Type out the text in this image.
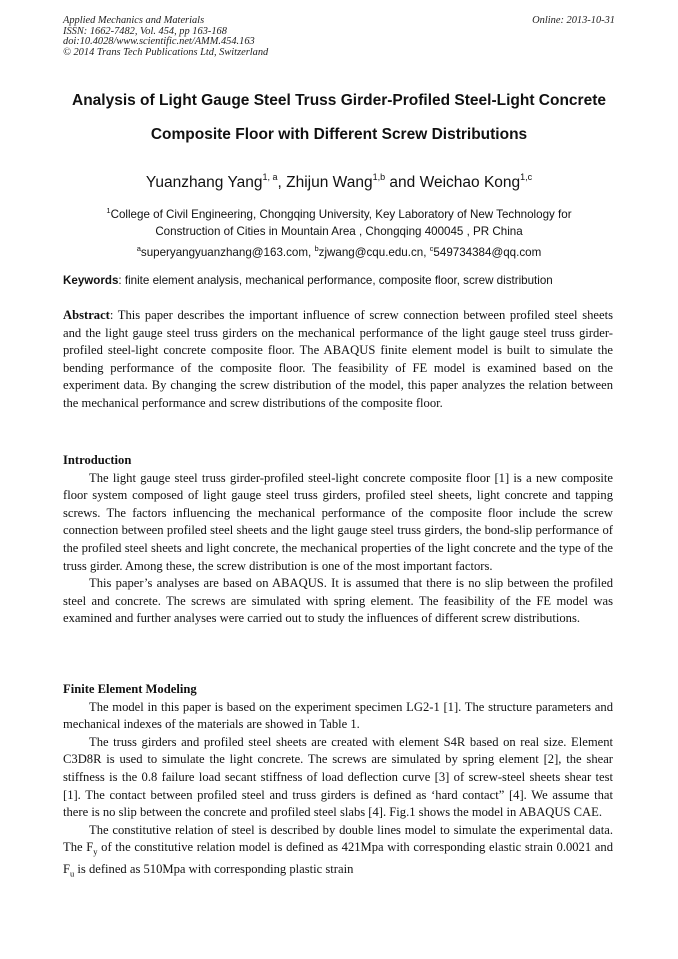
Applied Mechanics and Materials	Online: 2013-10-31
ISSN: 1662-7482, Vol. 454, pp 163-168
doi:10.4028/www.scientific.net/AMM.454.163
© 2014 Trans Tech Publications Ltd, Switzerland
Analysis of Light Gauge Steel Truss Girder-Profiled Steel-Light Concrete
Composite Floor with Different Screw Distributions
Yuanzhang Yang$^{1, a}$, Zhijun Wang$^{1,b}$ and Weichao Kong$^{1,c}$
$^1$College of Civil Engineering, Chongqing University, Key Laboratory of New Technology for
Construction of Cities in Mountain Area , Chongqing 400045 , PR China
$^a$superyangyuanzhang@163.com, $^b$zjwang@cqu.edu.cn, $^c$549734384@qq.com
Keywords: finite element analysis, mechanical performance, composite floor, screw distribution

Abstract: This paper describes the important influence of screw connection between profiled steel sheets and the light gauge steel truss girders on the mechanical performance of the light gauge steel truss girder-profiled steel-light concrete composite floor. The ABAQUS finite element model is built to simulate the bending performance of the composite floor. The feasibility of FE model is examined based on the experiment data. By changing the screw distribution of the model, this paper analyzes the relation between the mechanical performance and screw distributions of the composite floor.

Introduction

The light gauge steel truss girder-profiled steel-light concrete composite floor [1] is a new composite floor system composed of light gauge steel truss girders, profiled steel sheets, light concrete and tapping screws. The factors influencing the mechanical performance of the composite floor include the screw connection between profiled steel sheets and the light gauge steel truss girders, the bond-slip performance of the profiled steel sheets and light concrete, the mechanical properties of the light concrete and the type of the truss girder. Among these, the screw distribution is one of the most important factors.

This paper’s analyses are based on ABAQUS. It is assumed that there is no slip between the profiled steel and concrete. The screws are simulated with spring element. The feasibility of the FE model was examined and further analyses were carried out to study the influences of different screw distributions.

Finite Element Modeling

The model in this paper is based on the experiment specimen LG2-1 [1]. The structure parameters and mechanical indexes of the materials are showed in Table 1.

The truss girders and profiled steel sheets are created with element S4R based on real size. Element C3D8R is used to simulate the light concrete. The screws are simulated by spring element [2], the shear stiffness is the 0.8 failure load secant stiffness of load deflection curve [3] of screw-steel sheets shear test [1]. The contact between profiled steel and truss girders is defined as ‘hard contact” [4]. We assume that there is no slip between the concrete and profiled steel slabs [4]. Fig.1 shows the model in ABAQUS CAE.

The constitutive relation of steel is described by double lines model to simulate the experimental data. The $F_y$ of the constitutive relation model is defined as 421Mpa with corresponding elastic strain 0.0021 and $F_u$ is defined as 510Mpa with corresponding plastic strain
